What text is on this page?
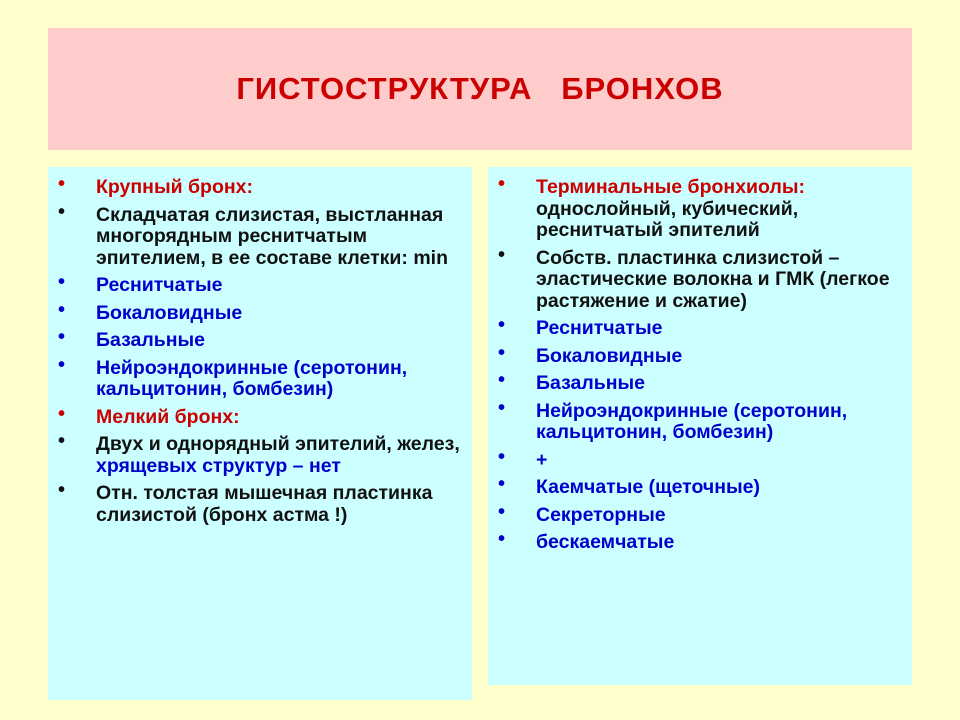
ГИСТОСТРУКТУРА   БРОНХОВ
• Крупный бронх:
• Складчатая слизистая, выстланная многорядным реснитчатым эпителием, в ее составе клетки: min
• Реснитчатые
• Бокаловидные
• Базальные
• Нейроэндокринные (серотонин, кальцитонин, бомбезин)
• Мелкий бронх:
• Двух и однорядный эпителий, желез, хрящевых структур – нет
• Отн. толстая мышечная пластинка слизистой (бронх астма !)
• Терминальные бронхиолы: однослойный, кубический, реснитчатый эпителий
• Собств. пластинка слизистой – эластические волокна и ГМК (легкое растяжение и сжатие)
• Реснитчатые
• Бокаловидные
• Базальные
• Нейроэндокринные (серотонин, кальцитонин, бомбезин)
• +
• Каемчатые (щеточные)
• Секреторные
• бескаемчатые
